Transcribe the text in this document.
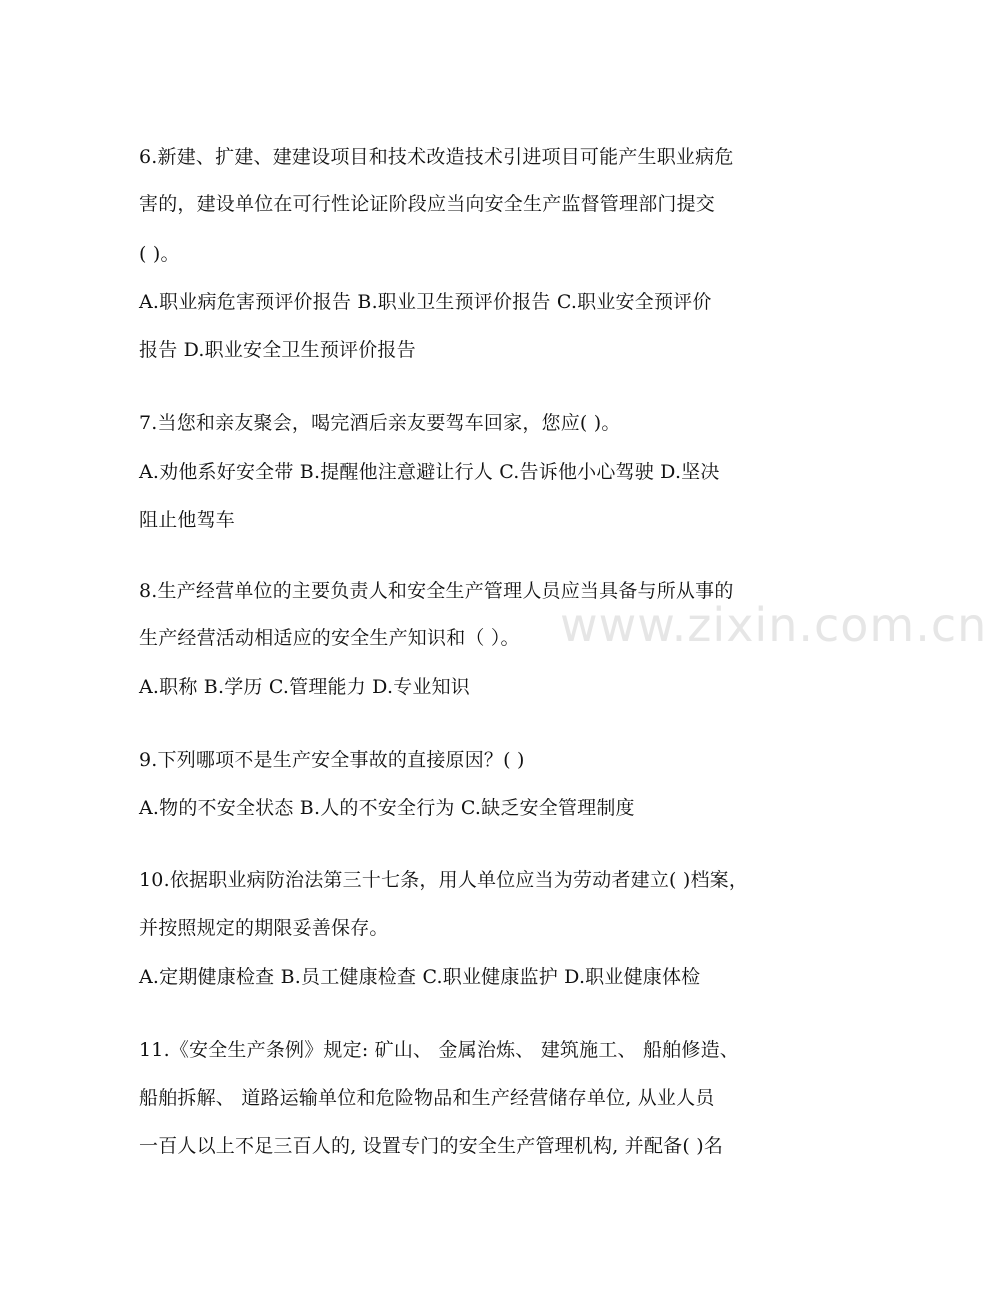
www.zixin.com.cn
6.新建、扩建、建建设项目和技术改造技术引进项目可能产生职业病危
害的，建设单位在可行性论证阶段应当向安全生产监督管理部门提交
( )。
A.职业病危害预评价报告 B.职业卫生预评价报告 C.职业安全预评价
报告 D.职业安全卫生预评价报告
7.当您和亲友聚会，喝完酒后亲友要驾车回家，您应( )。
A.劝他系好安全带 B.提醒他注意避让行人 C.告诉他小心驾驶 D.坚决
阻止他驾车
8.生产经营单位的主要负责人和安全生产管理人员应当具备与所从事的
生产经营活动相适应的安全生产知识和（ ）。
A.职称 B.学历 C.管理能力 D.专业知识
9.下列哪项不是生产安全事故的直接原因？( )
A.物的不安全状态 B.人的不安全行为 C.缺乏安全管理制度
10.依据职业病防治法第三十七条，用人单位应当为劳动者建立( )档案，
并按照规定的期限妥善保存。
A.定期健康检查 B.员工健康检查 C.职业健康监护 D.职业健康体检
11.《安全生产条例》规定: 矿山、 金属治炼、 建筑施工、 船舶修造、
船舶拆解、 道路运输单位和危险物品和生产经营储存单位, 从业人员
一百人以上不足三百人的, 设置专门的安全生产管理机构, 并配备( )名
